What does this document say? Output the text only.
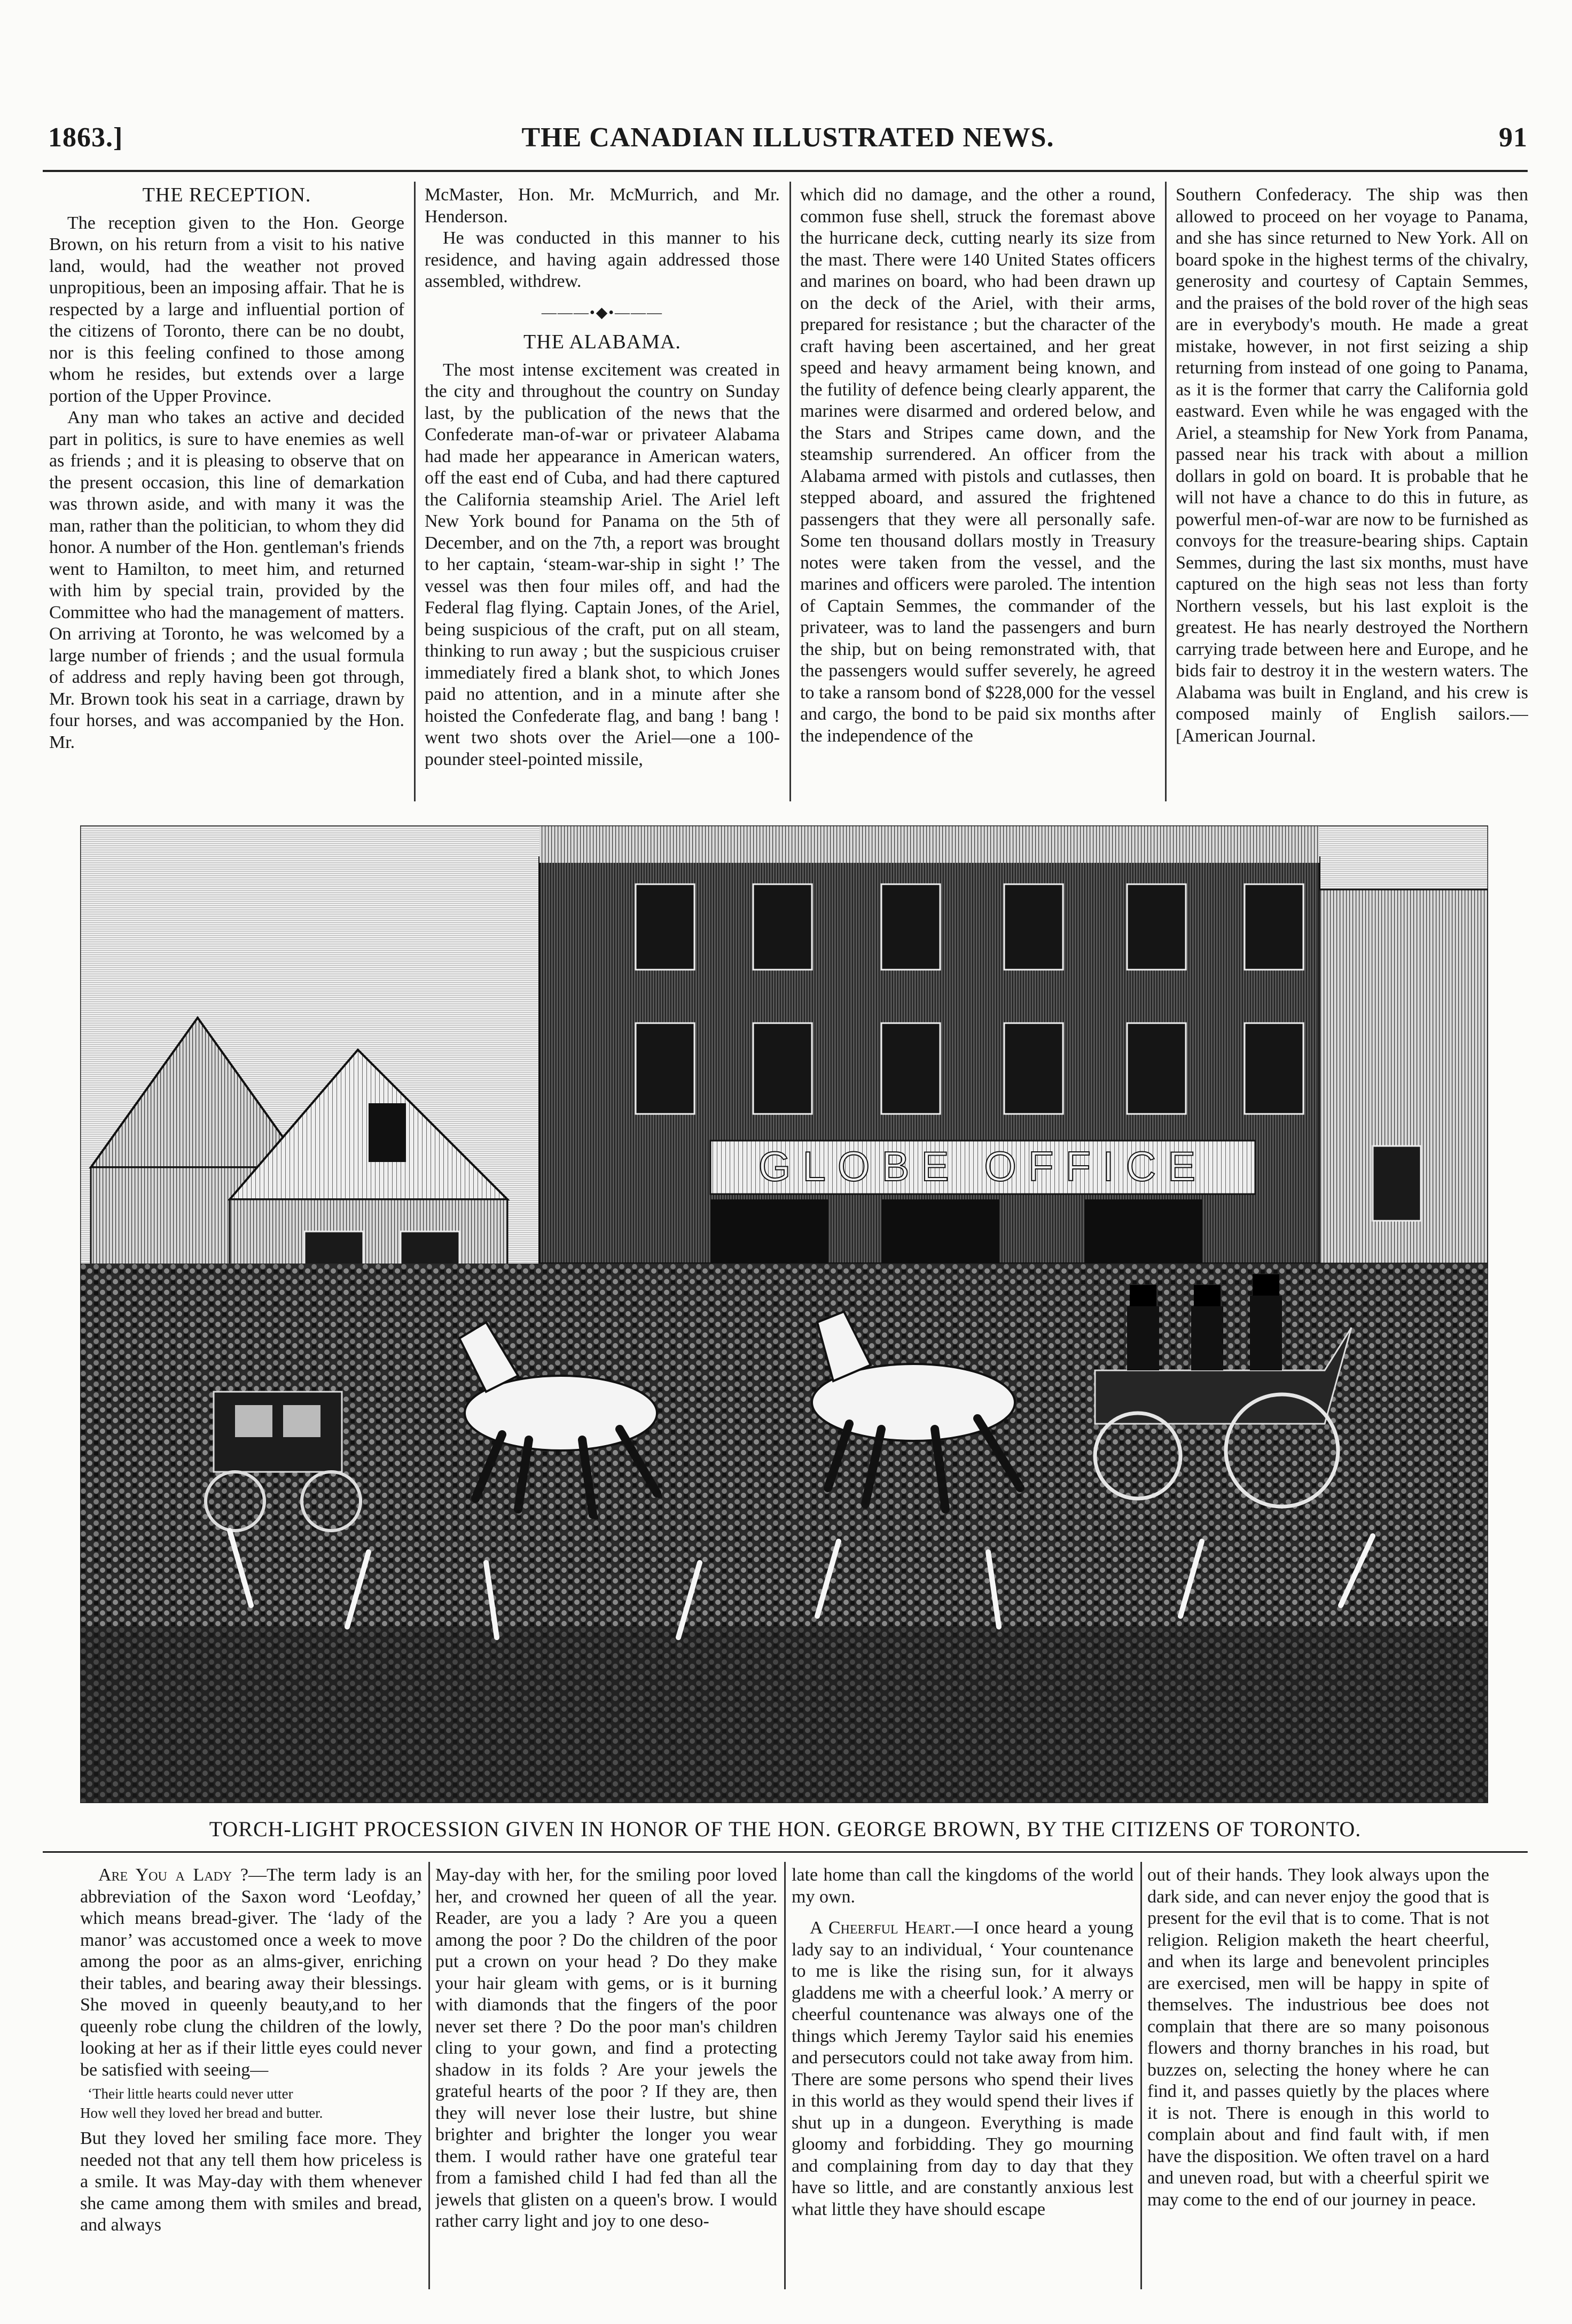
THE CANADIAN ILLUSTRATED NEWS.
1863.]	91
THE RECEPTION.

The reception given to the Hon. George Brown, on his return from a visit to his native land, would, had the weather not proved unpropitious, been an imposing affair. That he is respected by a large and influential portion of the citizens of Toronto, there can be no doubt, nor is this feeling confined to those among whom he resides, but extends over a large portion of the Upper Province.

Any man who takes an active and decided part in politics, is sure to have enemies as well as friends ; and it is pleasing to observe that on the present occasion, this line of demarkation was thrown aside, and with many it was the man, rather than the politician, to whom they did honor. A number of the Hon. gentleman's friends went to Hamilton, to meet him, and returned with him by special train, provided by the Committee who had the management of matters. On arriving at Toronto, he was welcomed by a large number of friends ; and the usual formula of address and reply having been got through, Mr. Brown took his seat in a carriage, drawn by four horses, and was accompanied by the Hon. Mr.

McMaster, Hon. Mr. McMurrich, and Mr. Henderson.

He was conducted in this manner to his residence, and having again addressed those assembled, withdrew.

———•◆•———
THE ALABAMA.

The most intense excitement was created in the city and throughout the country on Sunday last, by the publication of the news that the Confederate man-of-war or privateer Alabama had made her appearance in American waters, off the east end of Cuba, and had there captured the California steamship Ariel. The Ariel left New York bound for Panama on the 5th of December, and on the 7th, a report was brought to her captain, ‘steam-war-ship in sight !’ The vessel was then four miles off, and had the Federal flag flying. Captain Jones, of the Ariel, being suspicious of the craft, put on all steam, thinking to run away ; but the suspicious cruiser immediately fired a blank shot, to which Jones paid no attention, and in a minute after she hoisted the Confederate flag, and bang ! bang ! went two shots over the Ariel—one a 100-pounder steel-pointed missile,

which did no damage, and the other a round, common fuse shell, struck the foremast above the hurricane deck, cutting nearly its size from the mast. There were 140 United States officers and marines on board, who had been drawn up on the deck of the Ariel, with their arms, prepared for resistance ; but the character of the craft having been ascertained, and her great speed and heavy armament being known, and the futility of defence being clearly apparent, the marines were disarmed and ordered below, and the Stars and Stripes came down, and the steamship surrendered. An officer from the Alabama armed with pistols and cutlasses, then stepped aboard, and assured the frightened passengers that they were all personally safe. Some ten thousand dollars mostly in Treasury notes were taken from the vessel, and the marines and officers were paroled. The intention of Captain Semmes, the commander of the privateer, was to land the passengers and burn the ship, but on being remonstrated with, that the passengers would suffer severely, he agreed to take a ransom bond of $228,000 for the vessel and cargo, the bond to be paid six months after the independence of the

Southern Confederacy. The ship was then allowed to proceed on her voyage to Panama, and she has since returned to New York. All on board spoke in the highest terms of the chivalry, generosity and courtesy of Captain Semmes, and the praises of the bold rover of the high seas are in everybody's mouth. He made a great mistake, however, in not first seizing a ship returning from instead of one going to Panama, as it is the former that carry the California gold eastward. Even while he was engaged with the Ariel, a steamship for New York from Panama, passed near his track with about a million dollars in gold on board. It is probable that he will not have a chance to do this in future, as powerful men-of-war are now to be furnished as convoys for the treasure-bearing ships. Captain Semmes, during the last six months, must have captured on the high seas not less than forty Northern vessels, but his last exploit is the greatest. He has nearly destroyed the Northern carrying trade between here and Europe, and he bids fair to destroy it in the western waters. The Alabama was built in England, and his crew is composed mainly of English sailors.—[American Journal.

GLOBE OFFICE
TORCH-LIGHT PROCESSION GIVEN IN HONOR OF THE HON. GEORGE BROWN, BY THE CITIZENS OF TORONTO.

Are You a Lady ?—The term lady is an abbreviation of the Saxon word ‘Leofday,’ which means bread-giver. The ‘lady of the manor’ was accustomed once a week to move among the poor as an alms-giver, enriching their tables, and bearing away their blessings. She moved in queenly beauty,and to her queenly robe clung the children of the lowly, looking at her as if their little eyes could never be satisfied with seeing—

‘Their little hearts could never utter
How well they loved her bread and butter.

But they loved her smiling face more. They needed not that any tell them how priceless is a smile. It was May-day with them whenever she came among them with smiles and bread, and always

May-day with her, for the smiling poor loved her, and crowned her queen of all the year. Reader, are you a lady ? Are you a queen among the poor ? Do the children of the poor put a crown on your head ? Do they make your hair gleam with gems, or is it burning with diamonds that the fingers of the poor never set there ? Do the poor man's children cling to your gown, and find a protecting shadow in its folds ? Are your jewels the grateful hearts of the poor ? If they are, then they will never lose their lustre, but shine brighter and brighter the longer you wear them. I would rather have one grateful tear from a famished child I had fed than all the jewels that glisten on a queen's brow. I would rather carry light and joy to one deso-

late home than call the kingdoms of the world my own.

A Cheerful Heart.—I once heard a young lady say to an individual, ‘ Your countenance to me is like the rising sun, for it always gladdens me with a cheerful look.’ A merry or cheerful countenance was always one of the things which Jeremy Taylor said his enemies and persecutors could not take away from him. There are some persons who spend their lives in this world as they would spend their lives if shut up in a dungeon. Everything is made gloomy and forbidding. They go mourning and complaining from day to day that they have so little, and are constantly anxious lest what little they have should escape

out of their hands. They look always upon the dark side, and can never enjoy the good that is present for the evil that is to come. That is not religion. Religion maketh the heart cheerful, and when its large and benevolent principles are exercised, men will be happy in spite of themselves. The industrious bee does not complain that there are so many poisonous flowers and thorny branches in his road, but buzzes on, selecting the honey where he can find it, and passes quietly by the places where it is not. There is enough in this world to complain about and find fault with, if men have the disposition. We often travel on a hard and uneven road, but with a cheerful spirit we may come to the end of our journey in peace.
